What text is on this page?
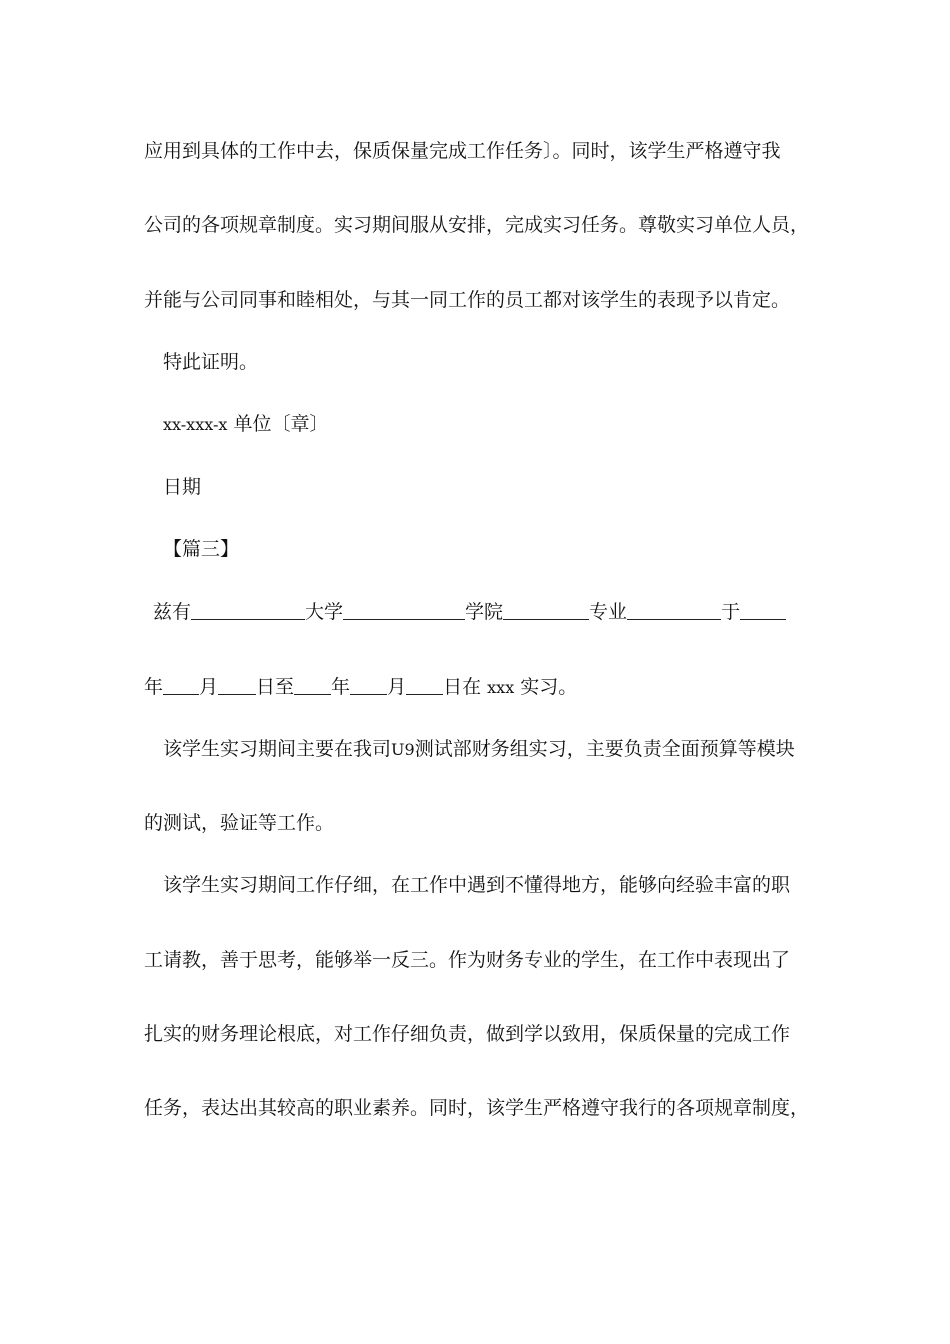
应用到具体的工作中去，保质保量完成工作任务〕。同时，该学生严格遵守我
公司的各项规章制度。实习期间服从安排，完成实习任务。尊敬实习单位人员，
并能与公司同事和睦相处，与其一同工作的员工都对该学生的表现予以肯定。
特此证明。
xx-xxx-x 单位〔章〕
日期
【篇三】
兹有	大学	学院	专业	于
年 月 日至 年 月 日在 xxx 实习。
该学生实习期间主要在我司U9测试部财务组实习，主要负责全面预算等模块
的测试，验证等工作。
该学生实习期间工作仔细，在工作中遇到不懂得地方，能够向经验丰富的职
工请教，善于思考，能够举一反三。作为财务专业的学生，在工作中表现出了
扎实的财务理论根底，对工作仔细负责，做到学以致用，保质保量的完成工作
任务，表达出其较高的职业素养。同时，该学生严格遵守我行的各项规章制度，
